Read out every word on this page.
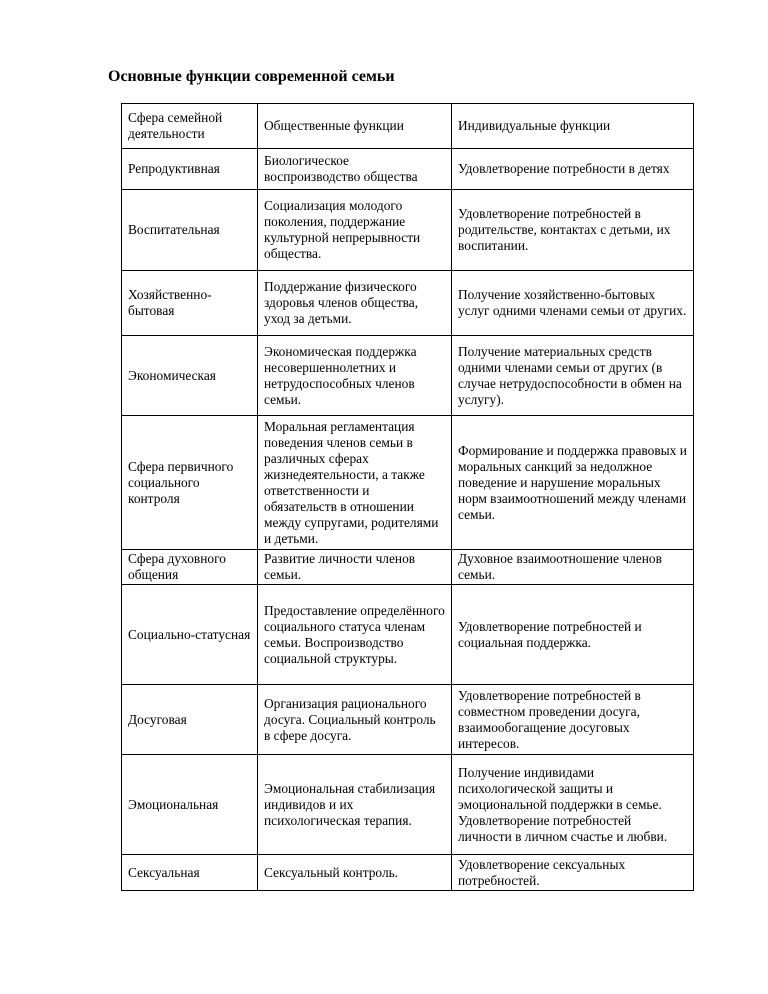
Основные функции современной семьи
Сфера семейной деятельности	Общественные функции	Индивидуальные функции
Репродуктивная	Биологическое воспроизводство общества	Удовлетворение потребности в детях
Воспитательная	Социализация молодого поколения, поддержание культурной непрерывности общества.	Удовлетворение потребностей в родительстве, контактах с детьми, их воспитании.
Хозяйственно-бытовая	Поддержание физического здоровья членов общества, уход за детьми.	Получение хозяйственно-бытовых услуг одними членами семьи от других.
Экономическая	Экономическая поддержка несовершеннолетних и нетрудоспособных членов семьи.	Получение материальных средств одними членами семьи от других (в случае нетрудоспособности в обмен на услугу).
Сфера первичного социального контроля	Моральная регламентация поведения членов семьи в различных сферах жизнедеятельности, а также ответственности и обязательств в отношении между супругами, родителями и детьми.	Формирование и поддержка правовых и моральных санкций за недолжное поведение и нарушение моральных норм взаимоотношений между членами семьи.
Сфера духовного общения	Развитие личности членов семьи.	Духовное взаимоотношение членов семьи.
Социально-статусная	Предоставление определённого социального статуса членам семьи. Воспроизводство социальной структуры.	Удовлетворение потребностей и социальная поддержка.
Досуговая	Организация рационального досуга. Социальный контроль в сфере досуга.	Удовлетворение потребностей в совместном проведении досуга, взаимообогащение досуговых интересов.
Эмоциональная	Эмоциональная стабилизация индивидов и их психологическая терапия.	Получение индивидами психологической защиты и эмоциональной поддержки в семье. Удовлетворение потребностей личности в личном счастье и любви.
Сексуальная	Сексуальный контроль.	Удовлетворение сексуальных потребностей.
